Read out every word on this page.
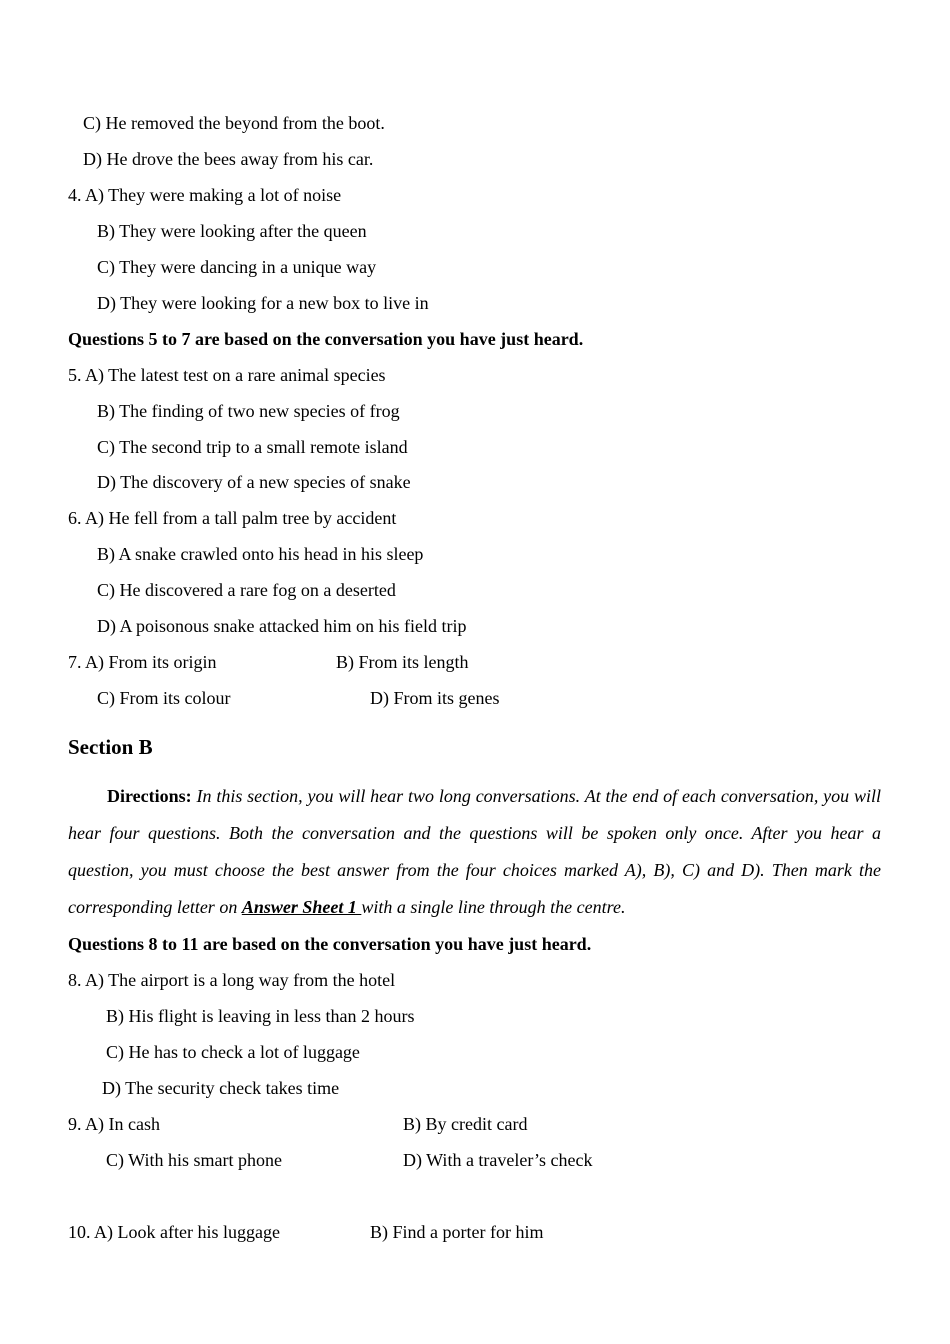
C) He removed the beyond from the boot.
D) He drove the bees away from his car.
4. A) They were making a lot of noise
B) They were looking after the queen
C) They were dancing in a unique way
D) They were looking for a new box to live in
Questions 5 to 7 are based on the conversation you have just heard.
5. A) The latest test on a rare animal species
B) The finding of two new species of frog
C) The second trip to a small remote island
D) The discovery of a new species of snake
6. A) He fell from a tall palm tree by accident
B) A snake crawled onto his head in his sleep
C) He discovered a rare fog on a deserted
D) A poisonous snake attacked him on his field trip
7. A) From its origin	B) From its length
C) From its colour	D) From its genes
Section B
Directions: In this section, you will hear two long conversations. At the end of each conversation, you will hear four questions. Both the conversation and the questions will be spoken only once. After you hear a question, you must choose the best answer from the four choices marked A), B), C) and D). Then mark the corresponding letter on Answer Sheet 1 with a single line through the centre.
Questions 8 to 11 are based on the conversation you have just heard.
8. A) The airport is a long way from the hotel
B) His flight is leaving in less than 2 hours
C) He has to check a lot of luggage
D) The security check takes time
9. A) In cash	B) By credit card
C) With his smart phone	D) With a traveler’s check
10. A) Look after his luggage	B) Find a porter for him
